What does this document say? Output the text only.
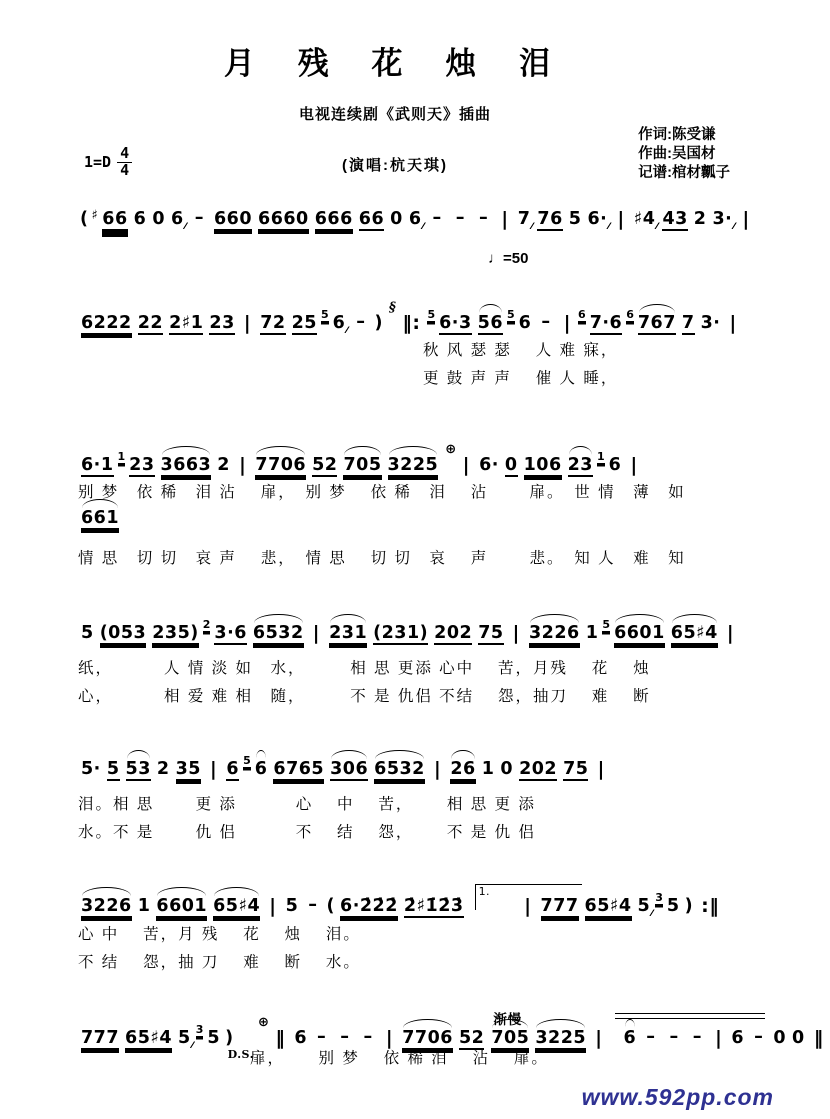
月 残 花 烛 泪
电视连续剧《武则天》插曲
$1=D \frac{4}{4}$	(演唱:杭天琪)
作词:陈受谦
作曲:吴国材
记谱:棺材瓤子
♩=50
( ♯ 66 6 0 6 ⁄⁄⁄ – 660 6660 666 66 0 6 ⁄⁄⁄ – – – | 7 ⁄⁄⁄ 76 5 6· ⁄⁄⁄ | ♯4 ⁄⁄⁄ 43 2 3· ⁄⁄⁄ |
6222 22 2♯1 23 | 72 25 5 6 ⁄⁄⁄ – )§‖: 5 6·3 56 5 6 – | 6 7·6 6 767 7 3· |
秋 风 瑟 瑟　 人 难 寐，
更 鼓 声 声　 催 人 睡，
6·1 1 23 3663 2 | 7706 52 705 3225⊕| 6· 0 106 23 1 6 |
别 梦　依 稀　泪 沾　 扉，　别 梦　 依 稀　泪　 沾　　 扉。　世 情　薄　如
661
情 思　切 切　哀 声　 悲，　情 思　 切 切　哀　 声　　 悲。　知 人　难　知
5 (053 235) 2 3·6 6532 | 231 (231) 202 75 | 3226 1 5 6601 65♯4 |
纸，　　　 人 情 淡 如　水，　　　相 思 更添 心中　 苦，月残　 花　 烛
心，　　　 相 爱 难 相　随，　　　不 是 仇侣 不结　 怨，抽刀　 难　 断
5· 5 53 2 35 | 6 5 6 6765 306 6532 | 26 1 0 202 75 |
泪。相 思　　 更 添　　　 心　 中　 苦，　　 相 思 更 添
水。不 是　　 仇 侣　　　 不　 结　 怨，　　 不 是 仇 侣
3226 1 6601 65♯4 | 5 – ( 6·2̇2̇2̇ 2̇♯1̇2̇3̇1.| 777 65♯4 5 ⁄⁄⁄ 3 5 ) :‖
心 中　 苦，月 残　 花　 烛　 泪。
不 结　 怨，抽 刀　 难　 断　 水。
777 65♯4 5 ⁄⁄⁄ 3 5 )D.S.⊕‖ 6 – – – | 7706 52渐慢705 3225 | 6 – – – | 6 – 0 0 ‖
扉，　　 别 梦　 依 稀 泪　 沾　 扉。
www.592pp.com
